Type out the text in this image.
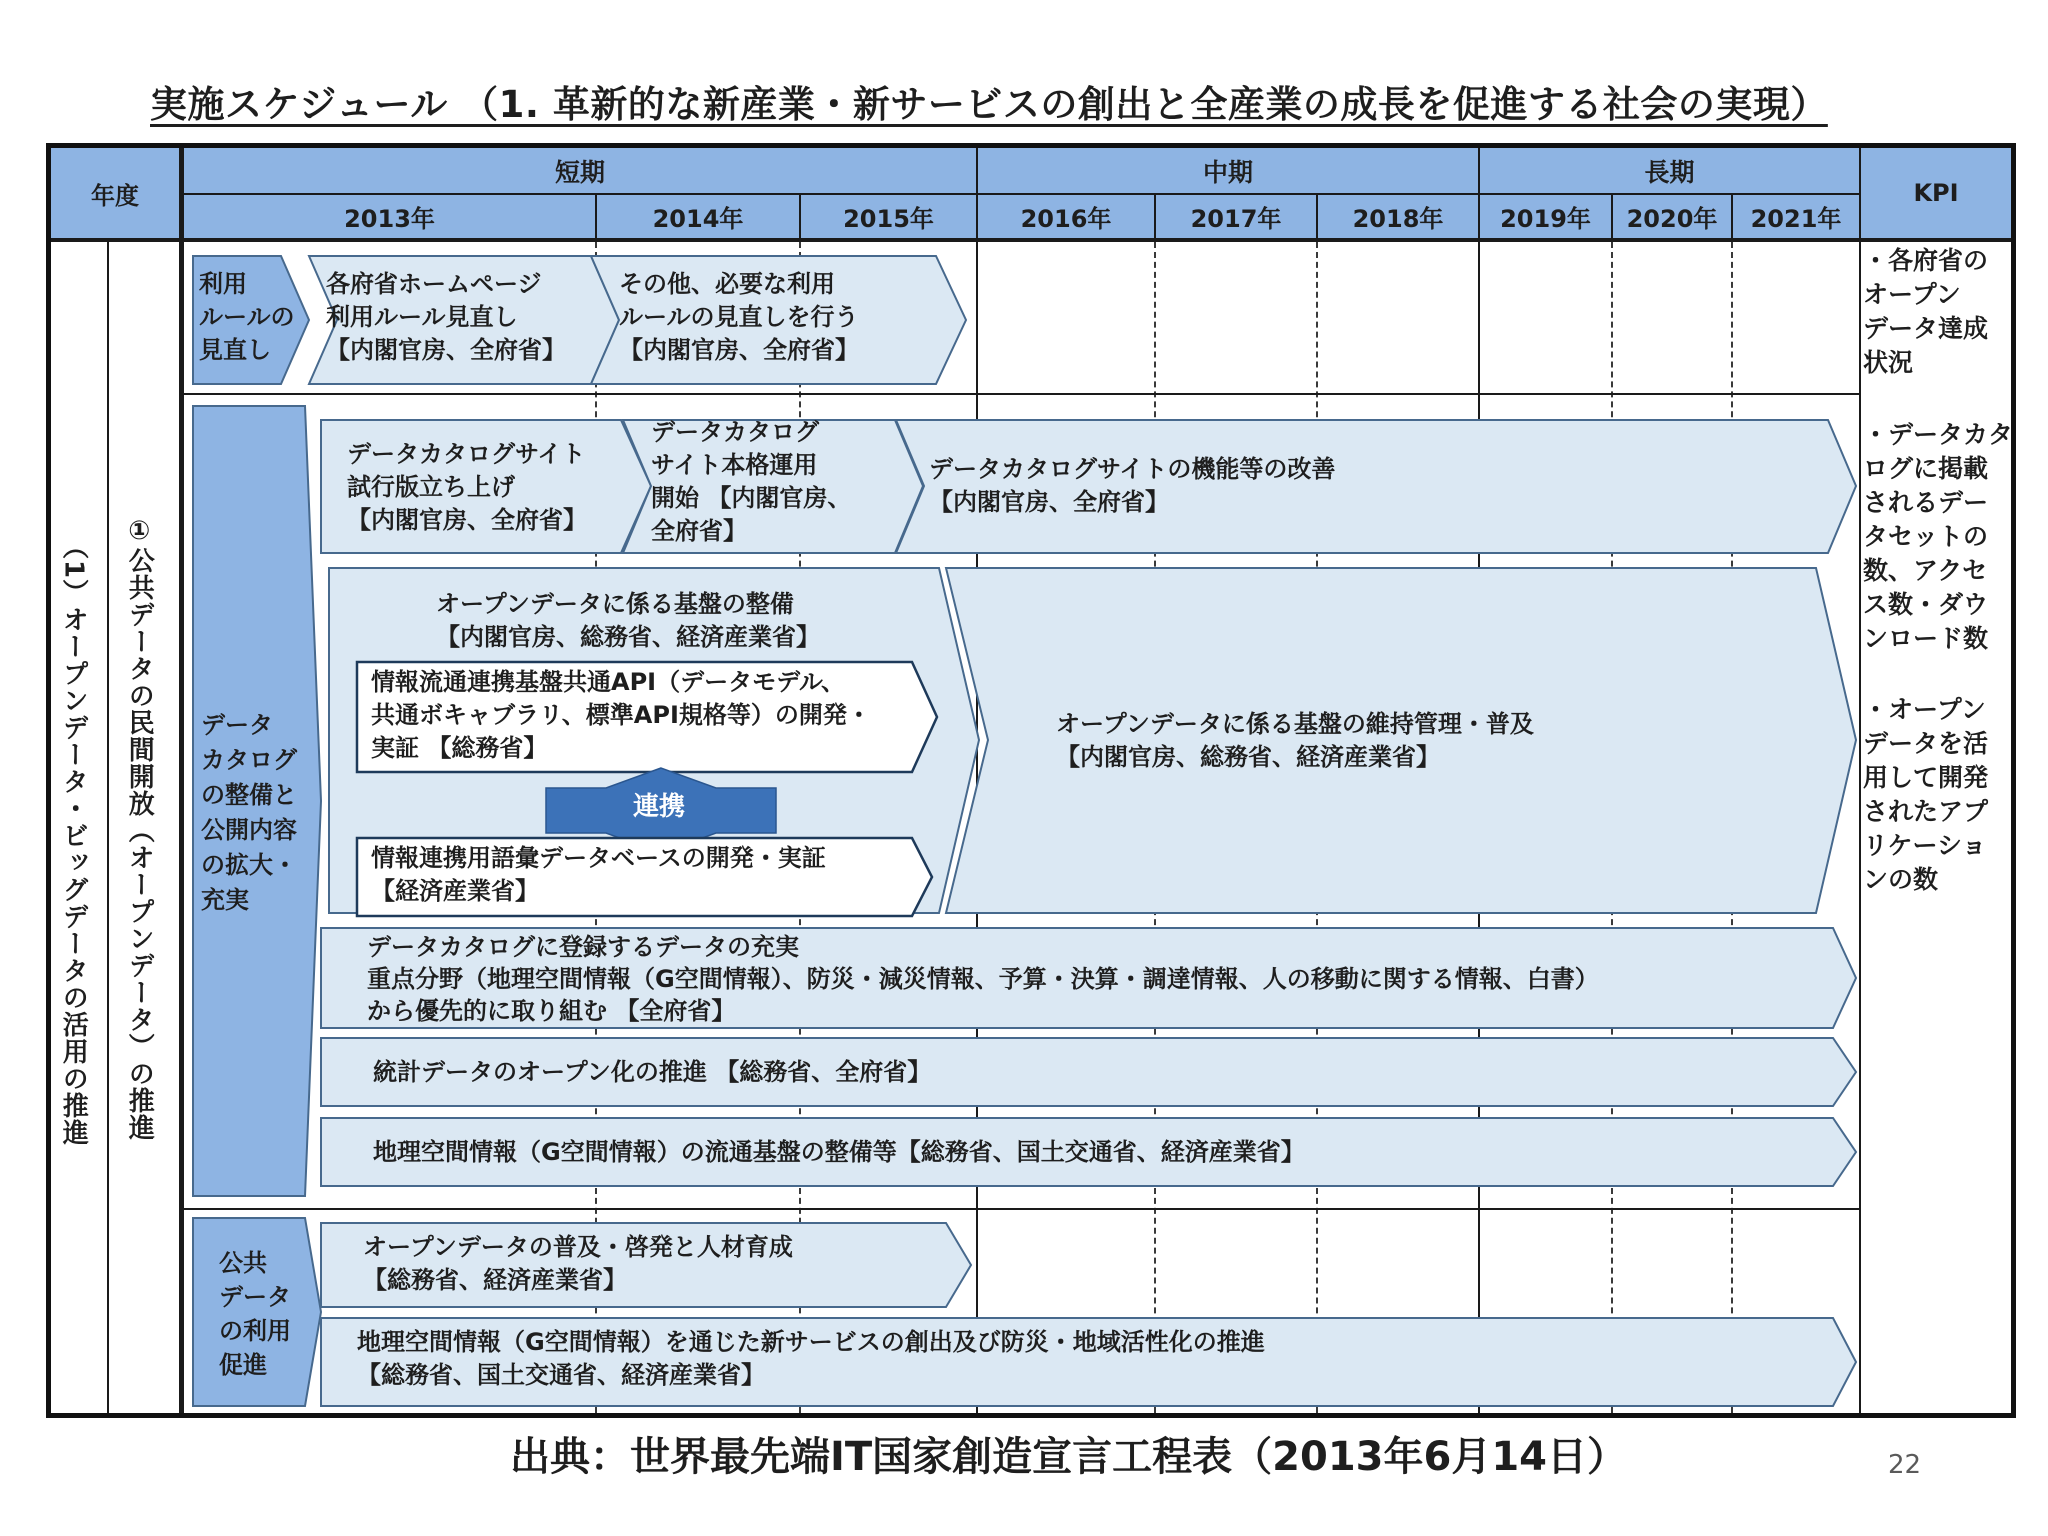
実施スケジュール （1. 革新的な新産業・新サービスの創出と全産業の成長を促進する社会の実現）
年度	KPI
短期	中期	長期
2013年	2014年	2015年	2016年	2017年	2018年	2019年	2020年	2021年
（1）オープンデータ・ビッグデータの活用の推進 ①公共データの民間開放（オープンデータ）の推進
利用
ルールの
見直し
各府省ホームページ
利用ルール見直し
【内閣官房、全府省】
その他、必要な利用
ルールの見直しを行う
【内閣官房、全府省】
データ
カタログ
の整備と
公開内容
の拡大・
充実
データカタログサイト
試行版立ち上げ
【内閣官房、全府省】
データカタログ
サイト本格運用
開始 【内閣官房、
全府省】
データカタログサイトの機能等の改善
【内閣官房、全府省】
オープンデータに係る基盤の整備
【内閣官房、総務省、経済産業省】
情報流通連携基盤共通API（データモデル、
共通ボキャブラリ、標準API規格等）の開発・
実証 【総務省】
連携
情報連携用語彙データベースの開発・実証
【経済産業省】
オープンデータに係る基盤の維持管理・普及
【内閣官房、総務省、経済産業省】
データカタログに登録するデータの充実
重点分野（地理空間情報（G空間情報）、防災・減災情報、予算・決算・調達情報、人の移動に関する情報、白書）
から優先的に取り組む 【全府省】
統計データのオープン化の推進 【総務省、全府省】
地理空間情報（G空間情報）の流通基盤の整備等【総務省、国土交通省、経済産業省】
公共
データ
の利用
促進
オープンデータの普及・啓発と人材育成
【総務省、経済産業省】
地理空間情報（G空間情報）を通じた新サービスの創出及び防災・地域活性化の推進
【総務省、国土交通省、経済産業省】
・各府省の
オープン
データ達成
状況
・データカタ
ログに掲載
されるデー
タセットの
数、アクセ
ス数・ダウ
ンロード数
・オープン
データを活
用して開発
されたアプ
リケーショ
ンの数
出典：世界最先端IT国家創造宣言工程表（2013年6月14日）	22
